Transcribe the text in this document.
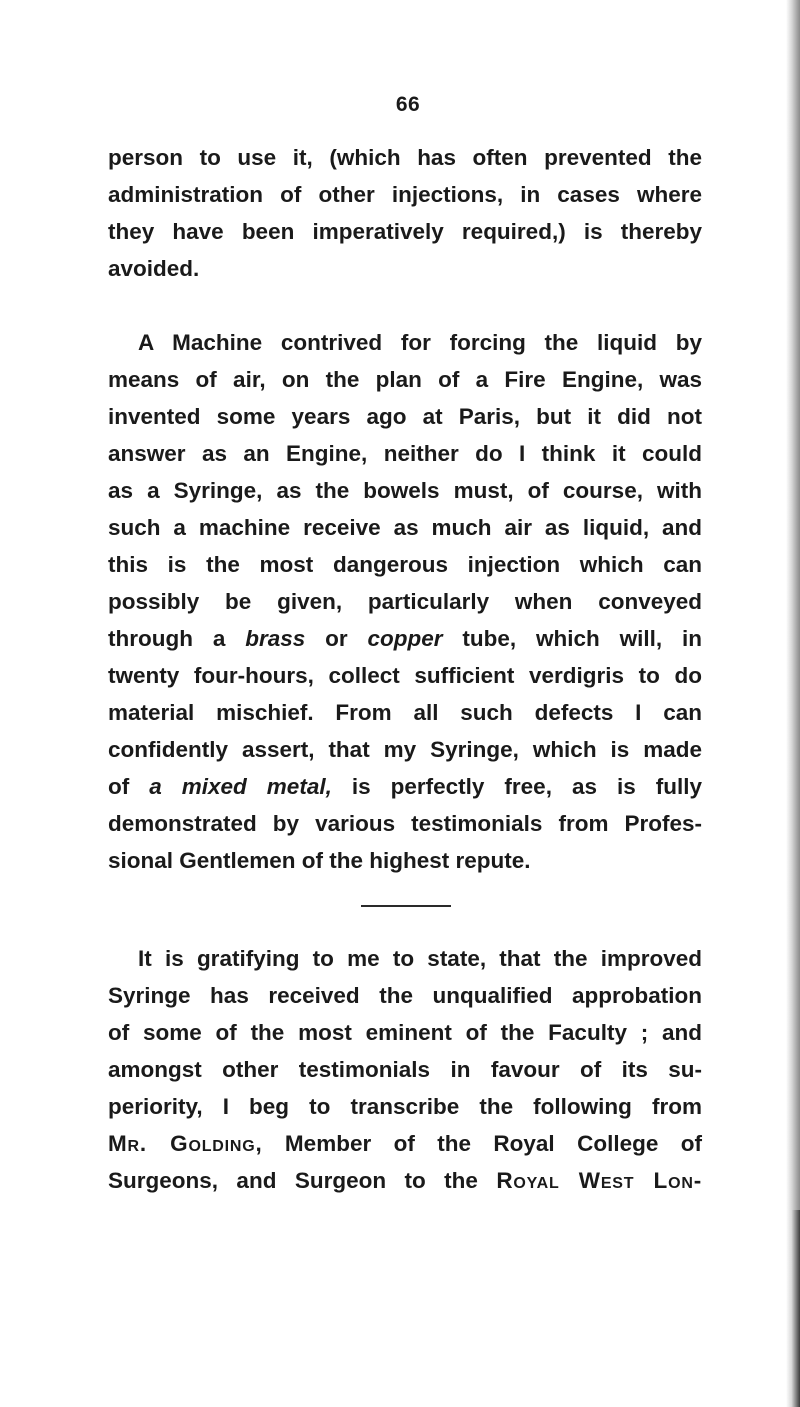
66
person to use it, (which has often prevented the
administration of other injections, in cases where
they have been imperatively required,) is thereby
avoided.
A Machine contrived for forcing the liquid by
means of air, on the plan of a Fire Engine, was
invented some years ago at Paris, but it did not
answer as an Engine, neither do I think it could
as a Syringe, as the bowels must, of course, with
such a machine receive as much air as liquid, and
this is the most dangerous injection which can
possibly be given, particularly when conveyed
through a brass or copper tube, which will, in
twenty four-hours, collect sufficient verdigris to do
material mischief. From all such defects I can
confidently assert, that my Syringe, which is made
of a mixed metal, is perfectly free, as is fully
demonstrated by various testimonials from Profes-
sional Gentlemen of the highest repute.
It is gratifying to me to state, that the improved
Syringe has received the unqualified approbation
of some of the most eminent of the Faculty ; and
amongst other testimonials in favour of its su-
periority, I beg to transcribe the following from
Mr. Golding, Member of the Royal College of
Surgeons, and Surgeon to the Royal West Lon-
